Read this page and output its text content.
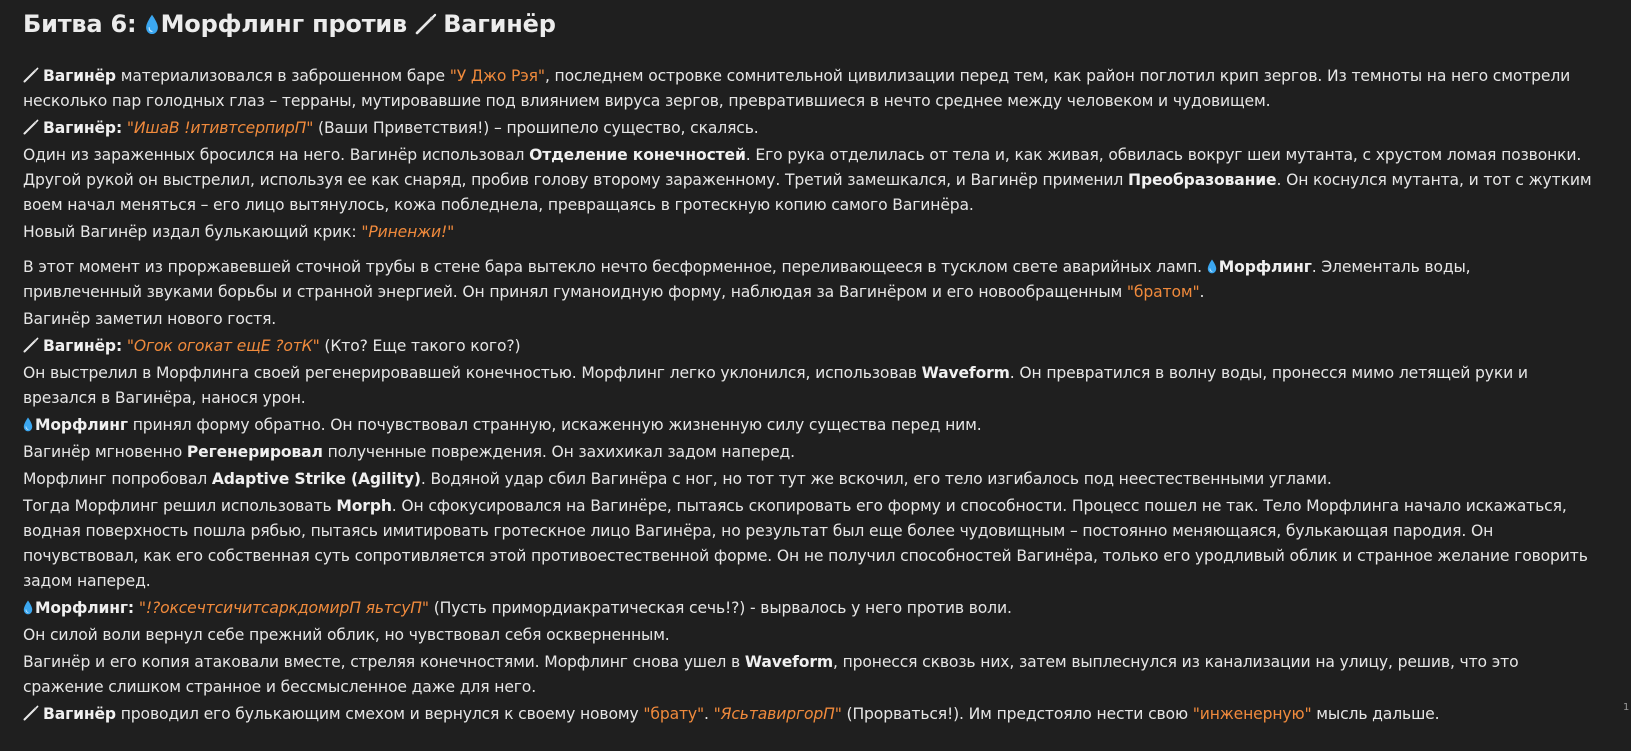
Битва 6: Морфлинг против Вагинёр
Вагинёр материализовался в заброшенном баре "У Джо Рэя", последнем островке сомнительной цивилизации перед тем, как район поглотил крип зергов. Из темноты на него смотрели
несколько пар голодных глаз – терраны, мутировавшие под влиянием вируса зергов, превратившиеся в нечто среднее между человеком и чудовищем.
Вагинёр: "ИшаВ !итивтсерпирП" (Ваши Приветствия!) – прошипело существо, скалясь.
Один из зараженных бросился на него. Вагинёр использовал Отделение конечностей. Его рука отделилась от тела и, как живая, обвилась вокруг шеи мутанта, с хрустом ломая позвонки.
Другой рукой он выстрелил, используя ее как снаряд, пробив голову второму зараженному. Третий замешкался, и Вагинёр применил Преобразование. Он коснулся мутанта, и тот с жутким
воем начал меняться – его лицо вытянулось, кожа побледнела, превращаясь в гротескную копию самого Вагинёра.
Новый Вагинёр издал булькающий крик: "Риненжи!"
В этот момент из проржавевшей сточной трубы в стене бара вытекло нечто бесформенное, переливающееся в тусклом свете аварийных ламп. Морфлинг. Элементаль воды,
привлеченный звуками борьбы и странной энергией. Он принял гуманоидную форму, наблюдая за Вагинёром и его новообращенным "братом".
Вагинёр заметил нового гостя.
Вагинёр: "Огок огокат ещЕ ?отК" (Кто? Еще такого кого?)
Он выстрелил в Морфлинга своей регенерировавшей конечностью. Морфлинг легко уклонился, использовав Waveform. Он превратился в волну воды, пронесся мимо летящей руки и
врезался в Вагинёра, нанося урон.
Морфлинг принял форму обратно. Он почувствовал странную, искаженную жизненную силу существа перед ним.
Вагинёр мгновенно Регенерировал полученные повреждения. Он захихикал задом наперед.
Морфлинг попробовал Adaptive Strike (Agility). Водяной удар сбил Вагинёра с ног, но тот тут же вскочил, его тело изгибалось под неестественными углами.
Тогда Морфлинг решил использовать Morph. Он сфокусировался на Вагинёре, пытаясь скопировать его форму и способности. Процесс пошел не так. Тело Морфлинга начало искажаться,
водная поверхность пошла рябью, пытаясь имитировать гротескное лицо Вагинёра, но результат был еще более чудовищным – постоянно меняющаяся, булькающая пародия. Он
почувствовал, как его собственная суть сопротивляется этой противоестественной форме. Он не получил способностей Вагинёра, только его уродливый облик и странное желание говорить
задом наперед.
Морфлинг: "!?оксечтсичитсаркдомирП яьтсуП" (Пусть примордиакратическая сечь!?) - вырвалось у него против воли.
Он силой воли вернул себе прежний облик, но чувствовал себя оскверненным.
Вагинёр и его копия атаковали вместе, стреляя конечностями. Морфлинг снова ушел в Waveform, пронесся сквозь них, затем выплеснулся из канализации на улицу, решив, что это
сражение слишком странное и бессмысленное даже для него.
Вагинёр проводил его булькающим смехом и вернулся к своему новому "брату". "ЯсьтавиргорП" (Прорваться!). Им предстояло нести свою "инженерную" мысль дальше.	1
